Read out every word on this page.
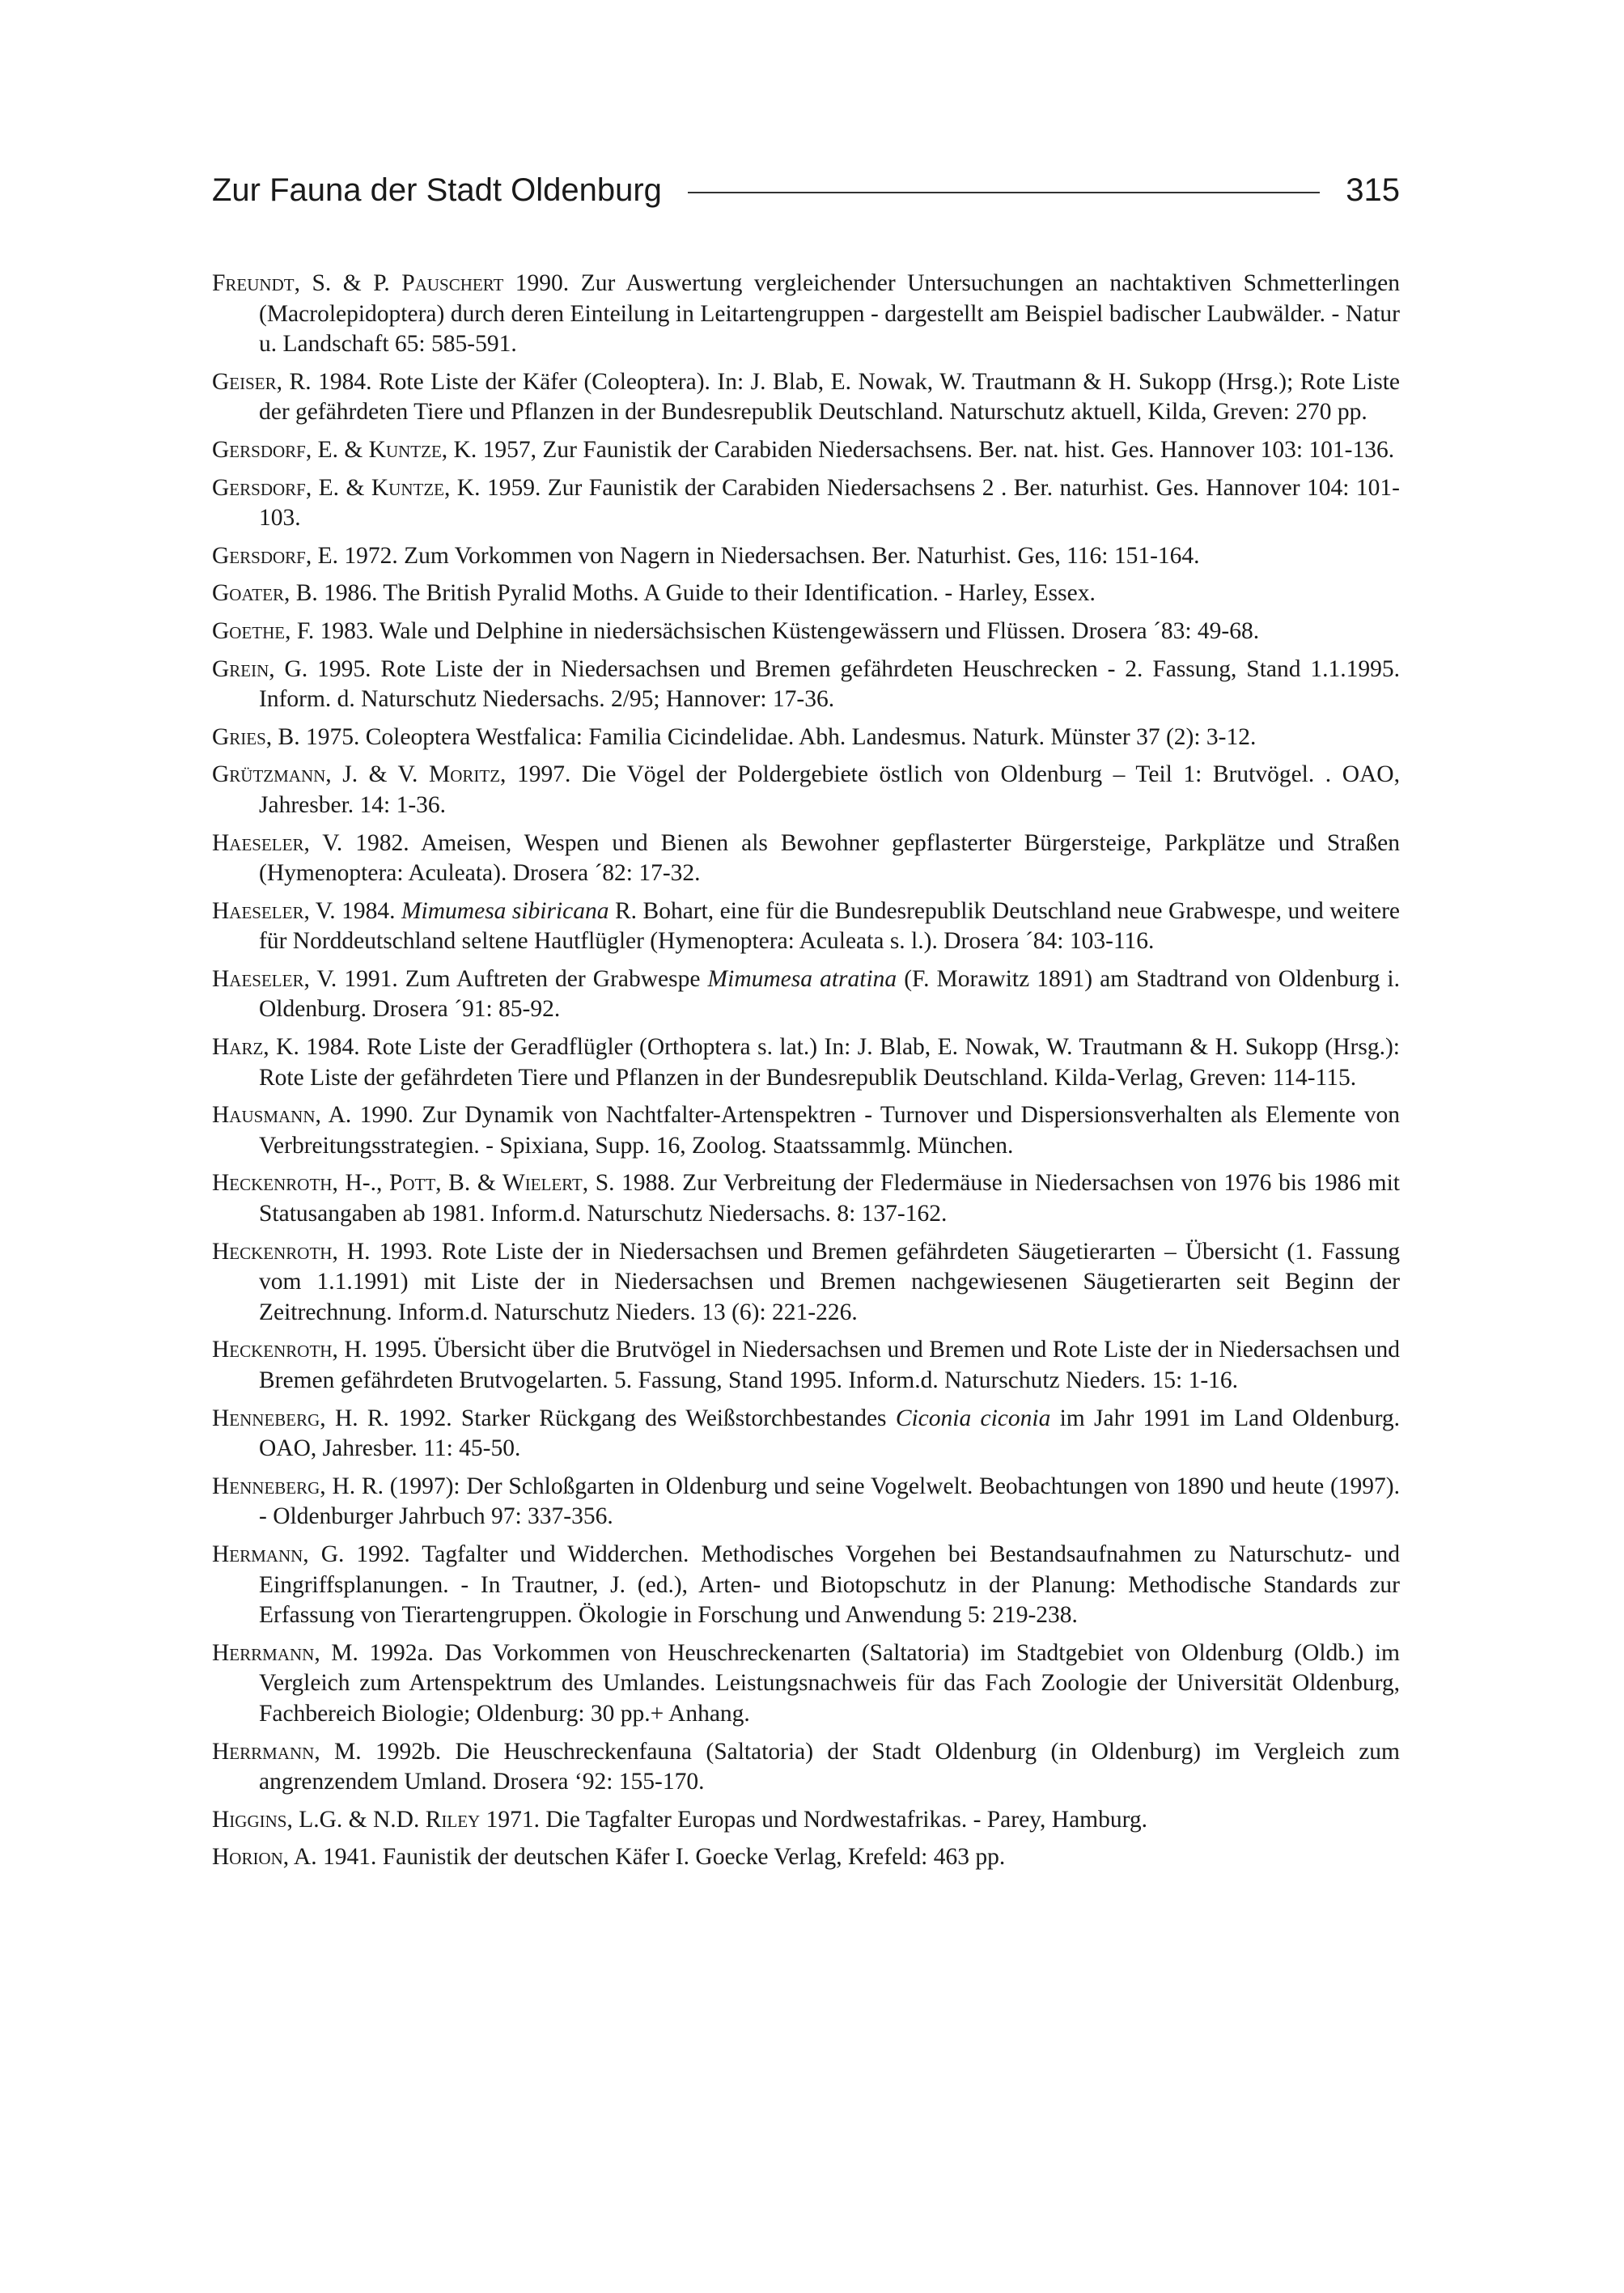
Zur Fauna der Stadt Oldenburg	315

Freundt, S. & P. Pauschert 1990. Zur Auswertung vergleichender Untersuchungen an nachtaktiven Schmetterlingen (Macrolepidoptera) durch deren Einteilung in Leitartengruppen - dargestellt am Beispiel badischer Laubwälder. - Natur u. Landschaft 65: 585-591.

Geiser, R. 1984. Rote Liste der Käfer (Coleoptera). In: J. Blab, E. Nowak, W. Trautmann & H. Sukopp (Hrsg.); Rote Liste der gefährdeten Tiere und Pflanzen in der Bundesrepublik Deutschland. Naturschutz aktuell, Kilda, Greven: 270 pp.

Gersdorf, E. & Kuntze, K. 1957, Zur Faunistik der Carabiden Niedersachsens. Ber. nat. hist. Ges. Hannover 103: 101-136.

Gersdorf, E. & Kuntze, K. 1959. Zur Faunistik der Carabiden Niedersachsens 2 . Ber. naturhist. Ges. Hannover 104: 101-103.

Gersdorf, E. 1972. Zum Vorkommen von Nagern in Niedersachsen. Ber. Naturhist. Ges, 116: 151-164.

Goater, B. 1986. The British Pyralid Moths. A Guide to their Identification. - Harley, Essex.

Goethe, F. 1983. Wale und Delphine in niedersächsischen Küstengewässern und Flüssen. Drosera ´83: 49-68.

Grein, G. 1995. Rote Liste der in Niedersachsen und Bremen gefährdeten Heuschrecken - 2. Fassung, Stand 1.1.1995. Inform. d. Naturschutz Niedersachs. 2/95; Hannover: 17-36.

Gries, B. 1975. Coleoptera Westfalica: Familia Cicindelidae. Abh. Landesmus. Naturk. Münster 37 (2): 3-12.

Grützmann, J. & V. Moritz, 1997. Die Vögel der Poldergebiete östlich von Oldenburg – Teil 1: Brutvögel. . OAO, Jahresber. 14: 1-36.

Haeseler, V. 1982. Ameisen, Wespen und Bienen als Bewohner gepflasterter Bürgersteige, Parkplätze und Straßen (Hymenoptera: Aculeata). Drosera ´82: 17-32.

Haeseler, V. 1984. Mimumesa sibiricana R. Bohart, eine für die Bundesrepublik Deutschland neue Grabwespe, und weitere für Norddeutschland seltene Hautflügler (Hymenoptera: Aculeata s. l.). Drosera ´84: 103-116.

Haeseler, V. 1991. Zum Auftreten der Grabwespe Mimumesa atratina (F. Morawitz 1891) am Stadtrand von Oldenburg i. Oldenburg. Drosera ´91: 85-92.

Harz, K. 1984. Rote Liste der Geradflügler (Orthoptera s. lat.) In: J. Blab, E. Nowak, W. Trautmann & H. Sukopp (Hrsg.): Rote Liste der gefährdeten Tiere und Pflanzen in der Bundesrepublik Deutschland. Kilda-Verlag, Greven: 114-115.

Hausmann, A. 1990. Zur Dynamik von Nachtfalter-Artenspektren - Turnover und Dispersionsverhalten als Elemente von Verbreitungsstrategien. - Spixiana, Supp. 16, Zoolog. Staatssammlg. München.

Heckenroth, H-., Pott, B. & Wielert, S. 1988. Zur Verbreitung der Fledermäuse in Niedersachsen von 1976 bis 1986 mit Statusangaben ab 1981. Inform.d. Naturschutz Niedersachs. 8: 137-162.

Heckenroth, H. 1993. Rote Liste der in Niedersachsen und Bremen gefährdeten Säugetierarten – Übersicht (1. Fassung vom 1.1.1991) mit Liste der in Niedersachsen und Bremen nachgewiesenen Säugetierarten seit Beginn der Zeitrechnung. Inform.d. Naturschutz Nieders. 13 (6): 221-226.

Heckenroth, H. 1995. Übersicht über die Brutvögel in Niedersachsen und Bremen und Rote Liste der in Niedersachsen und Bremen gefährdeten Brutvogelarten. 5. Fassung, Stand 1995. Inform.d. Naturschutz Nieders. 15: 1-16.

Henneberg, H. R. 1992. Starker Rückgang des Weißstorchbestandes Ciconia ciconia im Jahr 1991 im Land Oldenburg. OAO, Jahresber. 11: 45-50.

Henneberg, H. R. (1997): Der Schloßgarten in Oldenburg und seine Vogelwelt. Beobachtungen von 1890 und heute (1997). - Oldenburger Jahrbuch 97: 337-356.

Hermann, G. 1992. Tagfalter und Widderchen. Methodisches Vorgehen bei Bestandsaufnahmen zu Naturschutz- und Eingriffsplanungen. - In Trautner, J. (ed.), Arten- und Biotopschutz in der Planung: Methodische Standards zur Erfassung von Tierartengruppen. Ökologie in Forschung und Anwendung 5: 219-238.

Herrmann, M. 1992a. Das Vorkommen von Heuschreckenarten (Saltatoria) im Stadtgebiet von Oldenburg (Oldb.) im Vergleich zum Artenspektrum des Umlandes. Leistungsnachweis für das Fach Zoologie der Universität Oldenburg, Fachbereich Biologie; Oldenburg: 30 pp.+ Anhang.

Herrmann, M. 1992b. Die Heuschreckenfauna (Saltatoria) der Stadt Oldenburg (in Oldenburg) im Vergleich zum angrenzendem Umland. Drosera ‘92: 155-170.

Higgins, L.G. & N.D. Riley 1971. Die Tagfalter Europas und Nordwestafrikas. - Parey, Hamburg.

Horion, A. 1941. Faunistik der deutschen Käfer I. Goecke Verlag, Krefeld: 463 pp.
